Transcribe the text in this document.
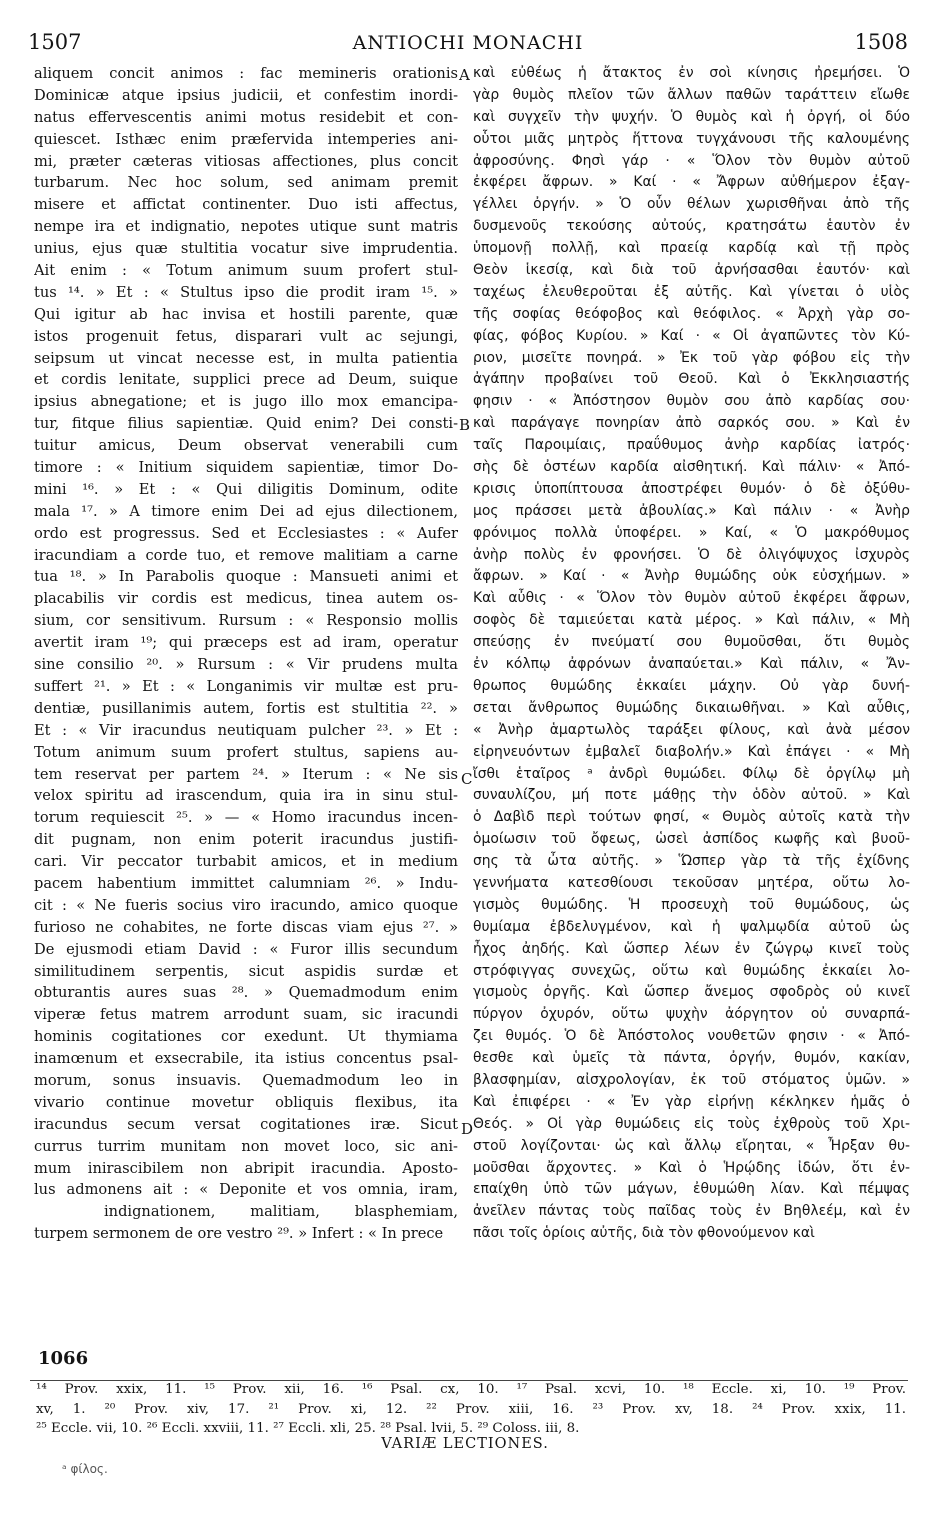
1507	ANTIOCHI MONACHI	1508
aliquem concit animos : fac memineris orationis
Dominicæ atque ipsius judicii, et confestim inordi-
natus effervescentis animi motus residebit et con-
quiescet. Isthæc enim præfervida intemperies ani-
mi, præter cæteras vitiosas affectiones, plus concit
turbarum. Nec hoc solum, sed animam premit
misere et affictat continenter. Duo isti affectus,
nempe ira et indignatio, nepotes utique sunt matris
unius, ejus quæ stultitia vocatur sive imprudentia.
Ait enim : « Totum animum suum profert stul-
tus ¹⁴. » Et : « Stultus ipso die prodit iram ¹⁵. »
Qui igitur ab hac invisa et hostili parente, quæ
istos progenuit fetus, disparari vult ac sejungi,
seipsum ut vincat necesse est, in multa patientia
et cordis lenitate, supplici prece ad Deum, suique
ipsius abnegatione; et is jugo illo mox emancipa-
tur, fitque filius sapientiæ. Quid enim? Dei consti-
tuitur amicus, Deum observat venerabili cum
timore : « Initium siquidem sapientiæ, timor Do-
mini ¹⁶. » Et : « Qui diligitis Dominum, odite
mala ¹⁷. » A timore enim Dei ad ejus dilectionem,
ordo est progressus. Sed et Ecclesiastes : « Aufer
iracundiam a corde tuo, et remove malitiam a carne
tua ¹⁸. » In Parabolis quoque : Mansueti animi et
placabilis vir cordis est medicus, tinea autem os-
sium, cor sensitivum. Rursum : « Responsio mollis
avertit iram ¹⁹; qui præceps est ad iram, operatur
sine consilio ²⁰. » Rursum : « Vir prudens multa
suffert ²¹. » Et : « Longanimis vir multæ est pru-
dentiæ, pusillanimis autem, fortis est stultitia ²². »
Et : « Vir iracundus neutiquam pulcher ²³. » Et :
Totum animum suum profert stultus, sapiens au-
tem reservat per partem ²⁴. » Iterum : « Ne sis
velox spiritu ad irascendum, quia ira in sinu stul-
torum requiescit ²⁵. » — « Homo iracundus incen-
dit pugnam, non enim poterit iracundus justifi-
cari. Vir peccator turbabit amicos, et in medium
pacem habentium immittet calumniam ²⁶. » Indu-
cit : « Ne fueris socius viro iracundo, amico quoque
furioso ne cohabites, ne forte discas viam ejus ²⁷. »
De ejusmodi etiam David : « Furor illis secundum
similitudinem serpentis, sicut aspidis surdæ et
obturantis aures suas ²⁸. » Quemadmodum enim
viperæ fetus matrem arrodunt suam, sic iracundi
hominis cogitationes cor exedunt. Ut thymiama
inamœnum et exsecrabile, ita istius concentus psal-
morum, sonus insuavis. Quemadmodum leo in
vivario continue movetur obliquis flexibus, ita
iracundus secum versat cogitationes iræ. Sicut
currus turrim munitam non movet loco, sic ani-
mum inirascibilem non abripit iracundia. Aposto-
lus admonens ait : « Deponite et vos omnia, iram,
indignationem, malitiam, blasphemiam,
turpem sermonem de ore vestro ²⁹. » Infert : « In prece
καὶ εὐθέως ἡ ἄτακτος ἐν σοὶ κίνησις ἠρεμήσει. Ὁ
γὰρ θυμὸς πλεῖον τῶν ἄλλων παθῶν ταράττειν εἴωθε
καὶ συγχεῖν τὴν ψυχήν. Ὁ θυμὸς καὶ ἡ ὀργή, οἱ δύο
οὗτοι μιᾶς μητρὸς ἥττονα τυγχάνουσι τῆς καλουμένης
ἀφροσύνης. Φησὶ γάρ · « Ὅλον τὸν θυμὸν αὐτοῦ
ἐκφέρει ἄφρων. » Καί · « Ἄφρων αὐθήμερον ἐξαγ-
γέλλει ὀργήν. » Ὁ οὖν θέλων χωρισθῆναι ἀπὸ τῆς
δυσμενοῦς τεκούσης αὐτούς, κρατησάτω ἑαυτὸν ἐν
ὑπομονῇ πολλῇ, καὶ πραείᾳ καρδίᾳ καὶ τῇ πρὸς
Θεὸν ἱκεσίᾳ, καὶ διὰ τοῦ ἀρνήσασθαι ἑαυτόν· καὶ
ταχέως ἐλευθεροῦται ἐξ αὐτῆς. Καὶ γίνεται ὁ υἱὸς
τῆς σοφίας θεόφοβος καὶ θεόφιλος. « Ἀρχὴ γὰρ σο-
φίας, φόβος Κυρίου. » Καί · « Οἱ ἀγαπῶντες τὸν Κύ-
ριον, μισεῖτε πονηρά. » Ἐκ τοῦ γὰρ φόβου εἰς τὴν
ἀγάπην προβαίνει τοῦ Θεοῦ. Καὶ ὁ Ἐκκλησιαστής
φησιν · « Ἀπόστησον θυμὸν σου ἀπὸ καρδίας σου·
καὶ παράγαγε πονηρίαν ἀπὸ σαρκός σου. » Καὶ ἐν
ταῖς Παροιμίαις, πραΰθυμος ἀνὴρ καρδίας ἰατρός·
σὴς δὲ ὀστέων καρδία αἰσθητική. Καὶ πάλιν· « Ἀπό-
κρισις ὑποπίπτουσα ἀποστρέφει θυμόν· ὁ δὲ ὀξύθυ-
μος πράσσει μετὰ ἀβουλίας.» Καὶ πάλιν · « Ἀνὴρ
φρόνιμος πολλὰ ὑποφέρει. » Καί, « Ὁ μακρόθυμος
ἀνὴρ πολὺς ἐν φρονήσει. Ὁ δὲ ὀλιγόψυχος ἰσχυρὸς
ἄφρων. » Καί · « Ἀνὴρ θυμώδης οὐκ εὐσχήμων. »
Καὶ αὖθις · « Ὅλον τὸν θυμὸν αὐτοῦ ἐκφέρει ἄφρων,
σοφὸς δὲ ταμιεύεται κατὰ μέρος. » Καὶ πάλιν, « Μὴ
σπεύσῃς ἐν πνεύματί σου θυμοῦσθαι, ὅτι θυμὸς
ἐν κόλπῳ ἀφρόνων ἀναπαύεται.» Καὶ πάλιν, « Ἄν-
θρωπος θυμώδης ἐκκαίει μάχην. Οὐ γὰρ δυνή-
σεται ἄνθρωπος θυμώδης δικαιωθῆναι. » Καὶ αὖθις,
« Ἀνὴρ ἁμαρτωλὸς ταράξει φίλους, καὶ ἀνὰ μέσον
εἰρηνευόντων ἐμβαλεῖ διαβολήν.» Καὶ ἐπάγει · « Μὴ
ἴσθι ἑταῖρος ᵃ ἀνδρὶ θυμώδει. Φίλῳ δὲ ὀργίλῳ μὴ
συναυλίζου, μή ποτε μάθῃς τὴν ὁδὸν αὐτοῦ. » Καὶ
ὁ Δαβὶδ περὶ τούτων φησί, « Θυμὸς αὐτοῖς κατὰ τὴν
ὁμοίωσιν τοῦ ὄφεως, ὡσεὶ ἀσπίδος κωφῆς καὶ βυοῦ-
σης τὰ ὦτα αὐτῆς. » Ὥσπερ γὰρ τὰ τῆς ἐχίδνης
γεννήματα κατεσθίουσι τεκοῦσαν μητέρα, οὕτω λο-
γισμὸς θυμώδης. Ἡ προσευχὴ τοῦ θυμώδους, ὡς
θυμίαμα ἐβδελυγμένον, καὶ ἡ ψαλμῳδία αὐτοῦ ὡς
ἦχος ἀηδής. Καὶ ὥσπερ λέων ἐν ζώγρῳ κινεῖ τοὺς
στρόφιγγας συνεχῶς, οὕτω καὶ θυμώδης ἐκκαίει λο-
γισμοὺς ὀργῆς. Καὶ ὥσπερ ἄνεμος σφοδρὸς οὐ κινεῖ
πύργον ὀχυρόν, οὕτω ψυχὴν ἀόργητον οὐ συναρπά-
ζει θυμός. Ὁ δὲ Ἀπόστολος νουθετῶν φησιν · « Ἀπό-
θεσθε καὶ ὑμεῖς τὰ πάντα, ὀργήν, θυμόν, κακίαν,
βλασφημίαν, αἰσχρολογίαν, ἐκ τοῦ στόματος ὑμῶν. »
Καὶ ἐπιφέρει · « Ἐν γὰρ εἰρήνῃ κέκληκεν ἡμᾶς ὁ
Θεός. » Οἱ γὰρ θυμώδεις εἰς τοὺς ἐχθροὺς τοῦ Χρι-
στοῦ λογίζονται· ὡς καὶ ἄλλῳ εἴρηται, « Ἦρξαν θυ-
μοῦσθαι ἄρχοντες. » Καὶ ὁ Ἡρῴδης ἰδών, ὅτι ἐν-
επαίχθη ὑπὸ τῶν μάγων, ἐθυμώθη λίαν. Καὶ πέμψας
ἀνεῖλεν πάντας τοὺς παῖδας τοὺς ἐν Βηθλεέμ, καὶ ἐν
πᾶσι τοῖς ὁρίοις αὐτῆς, διὰ τὸν φθονούμενον καὶ
A
B
C
D
1066
¹⁴ Prov. xxix, 11. ¹⁵ Prov. xii, 16. ¹⁶ Psal. cx, 10. ¹⁷ Psal. xcvi, 10. ¹⁸ Eccle. xi, 10. ¹⁹ Prov.
xv, 1. ²⁰ Prov. xiv, 17. ²¹ Prov. xi, 12. ²² Prov. xiii, 16. ²³ Prov. xv, 18. ²⁴ Prov. xxix, 11.
²⁵ Eccle. vii, 10. ²⁶ Eccli. xxviii, 11. ²⁷ Eccli. xli, 25. ²⁸ Psal. lvii, 5. ²⁹ Coloss. iii, 8.
VARIÆ LECTIONES.
ᵃ φίλος.
